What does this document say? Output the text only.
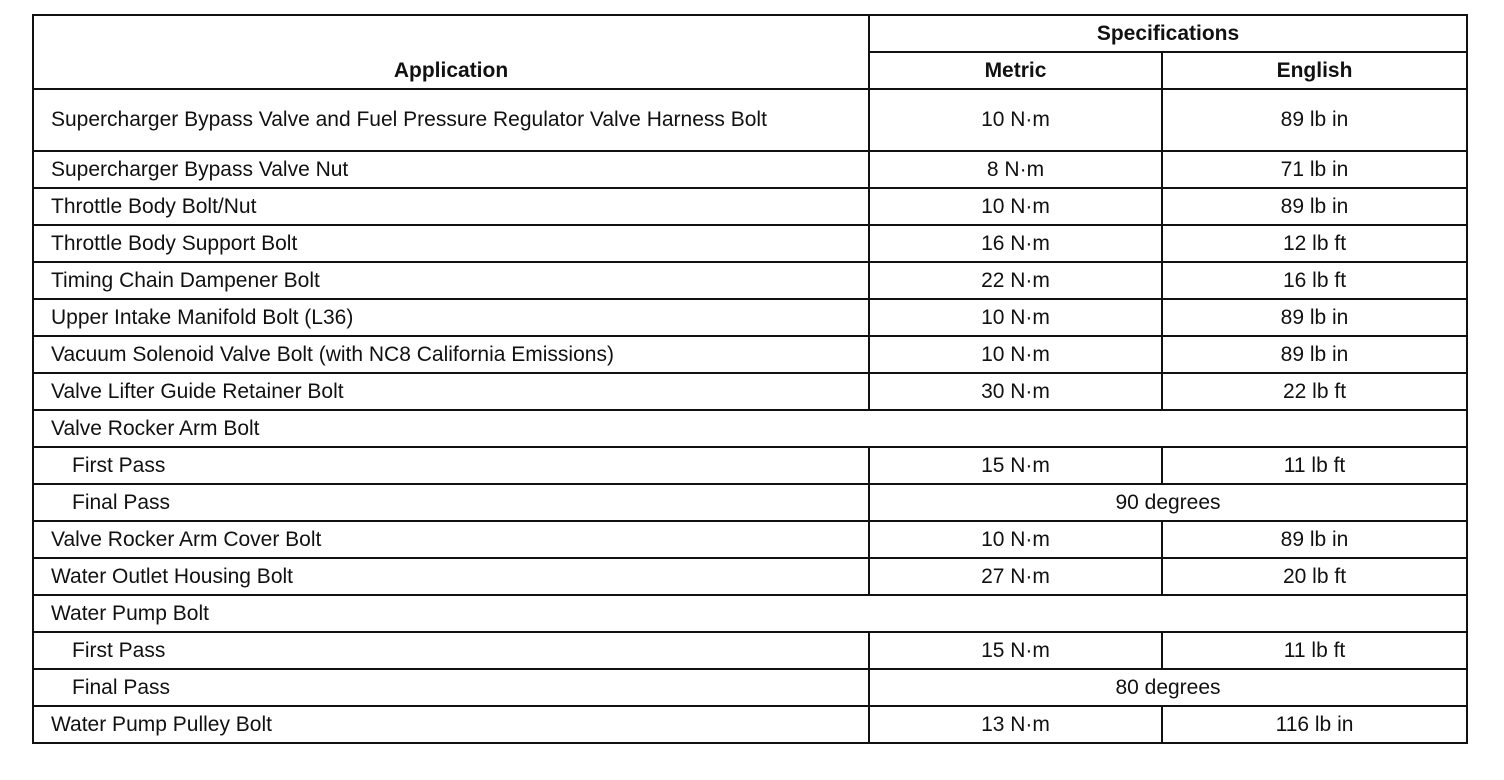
Application	Specifications	
	Metric	English
Supercharger Bypass Valve and Fuel Pressure Regulator Valve Harness Bolt	10 N·m	89 lb in
Supercharger Bypass Valve Nut	8 N·m	71 lb in
Throttle Body Bolt/Nut	10 N·m	89 lb in
Throttle Body Support Bolt	16 N·m	12 lb ft
Timing Chain Dampener Bolt	22 N·m	16 lb ft
Upper Intake Manifold Bolt (L36)	10 N·m	89 lb in
Vacuum Solenoid Valve Bolt (with NC8 California Emissions)	10 N·m	89 lb in
Valve Lifter Guide Retainer Bolt	30 N·m	22 lb ft
Valve Rocker Arm Bolt		
First Pass	15 N·m	11 lb ft
Final Pass	90 degrees	
Valve Rocker Arm Cover Bolt	10 N·m	89 lb in
Water Outlet Housing Bolt	27 N·m	20 lb ft
Water Pump Bolt		
First Pass	15 N·m	11 lb ft
Final Pass	80 degrees	
Water Pump Pulley Bolt	13 N·m	116 lb in
